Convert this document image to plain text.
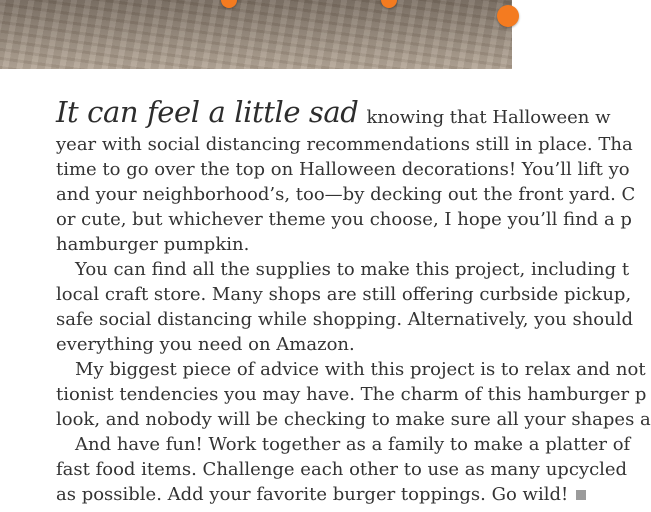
It can feel a little sad knowing that Halloween w
year with social distancing recommendations still in place. Tha
time to go over the top on Halloween decorations! You’ll lift yo
and your neighborhood’s, too—by decking out the front yard. C
or cute, but whichever theme you choose, I hope you’ll find a p
hamburger pumpkin.
You can find all the supplies to make this project, including t
local craft store. Many shops are still offering curbside pickup,
safe social distancing while shopping. Alternatively, you should
everything you need on Amazon.
My biggest piece of advice with this project is to relax and not
tionist tendencies you may have. The charm of this hamburger p
look, and nobody will be checking to make sure all your shapes a
And have fun! Work together as a family to make a platter of
fast food items. Challenge each other to use as many upcycled
as possible. Add your favorite burger toppings. Go wild!
